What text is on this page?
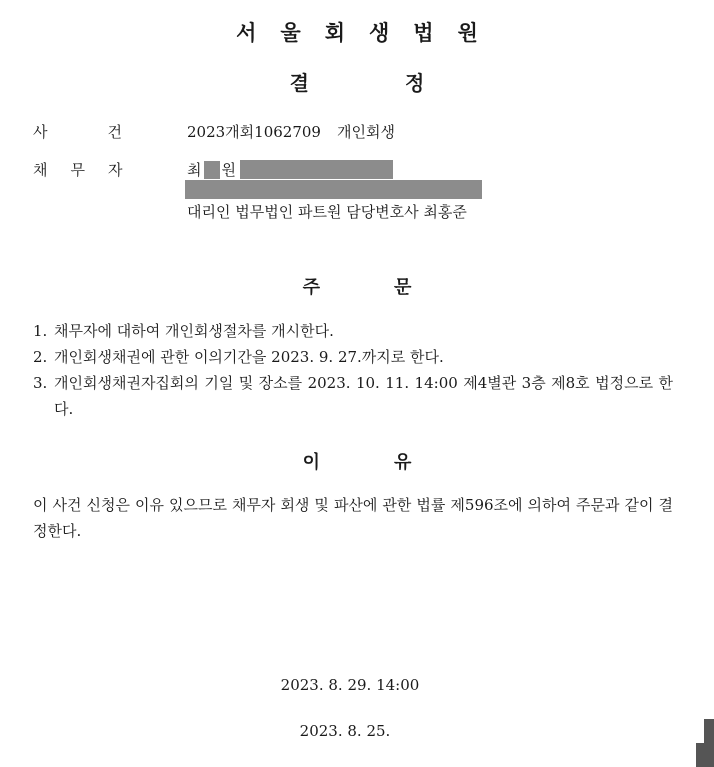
서울회생법원
결정
사건 2023개회1062709 개인회생
채무자	최 원
대리인 법무법인 파트원 담당변호사 최홍준
주문
1. 채무자에 대하여 개인회생절차를 개시한다.
2. 개인회생채권에 관한 이의기간을 2023. 9. 27.까지로 한다.
3. 개인회생채권자집회의 기일 및 장소를 2023. 10. 11. 14:00 제4별관 3층 제8호 법정으로 한다.
이유

이 사건 신청은 이유 있으므로 채무자 회생 및 파산에 관한 법률 제596조에 의하여 주문과 같이 결정한다.

2023. 8. 29. 14:00
2023. 8. 25.
